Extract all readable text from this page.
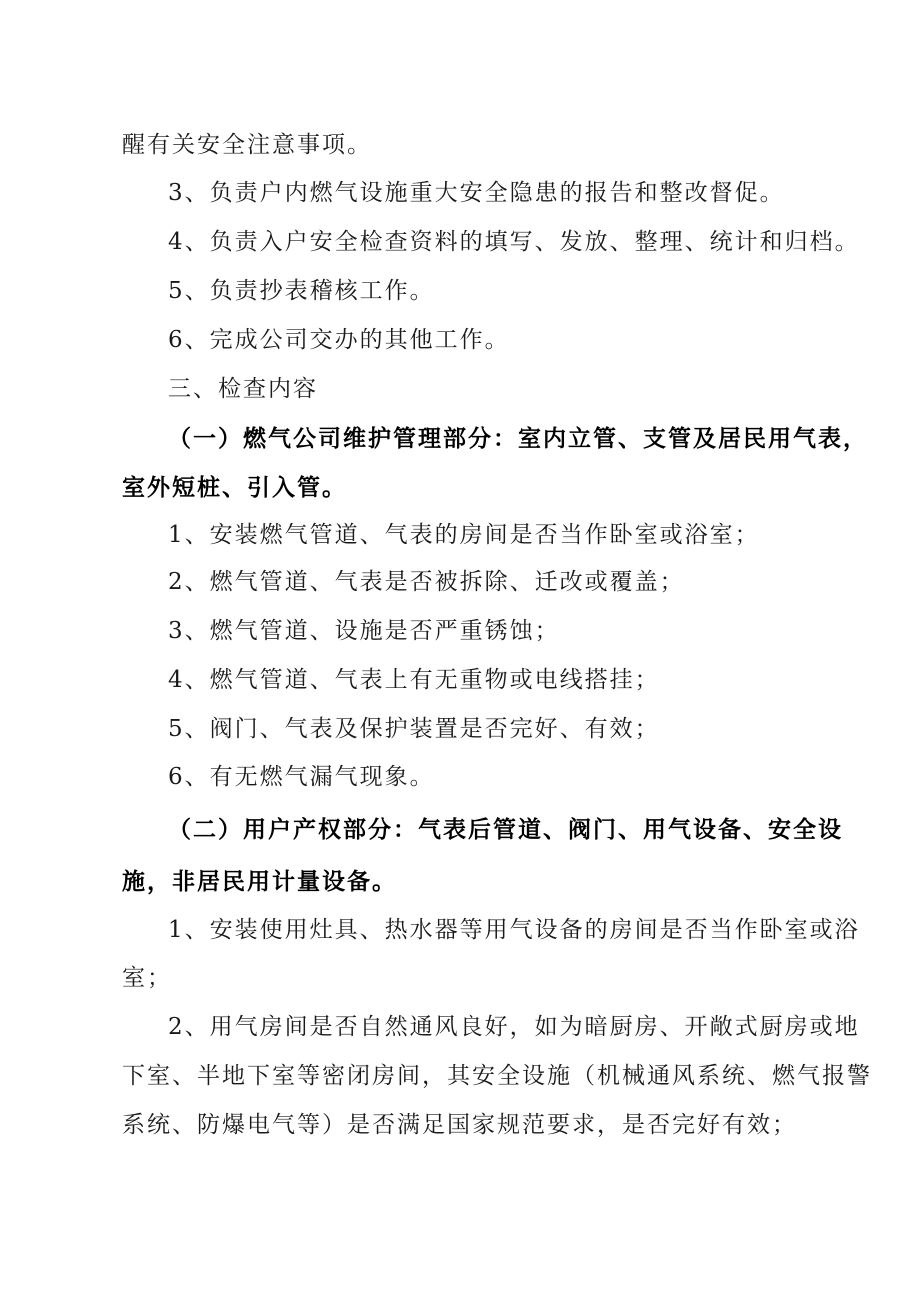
醒有关安全注意事项。
3、负责户内燃气设施重大安全隐患的报告和整改督促。
4、负责入户安全检查资料的填写、发放、整理、统计和归档。
5、负责抄表稽核工作。
6、完成公司交办的其他工作。
三、检查内容
（一）燃气公司维护管理部分：室内立管、支管及居民用气表，
室外短桩、引入管。
1、安装燃气管道、气表的房间是否当作卧室或浴室；
2、燃气管道、气表是否被拆除、迁改或覆盖；
3、燃气管道、设施是否严重锈蚀；
4、燃气管道、气表上有无重物或电线搭挂；
5、阀门、气表及保护装置是否完好、有效；
6、有无燃气漏气现象。
（二）用户产权部分：气表后管道、阀门、用气设备、安全设
施，非居民用计量设备。
1、安装使用灶具、热水器等用气设备的房间是否当作卧室或浴
室；
2、用气房间是否自然通风良好，如为暗厨房、开敞式厨房或地
下室、半地下室等密闭房间，其安全设施（机械通风系统、燃气报警
系统、防爆电气等）是否满足国家规范要求，是否完好有效；
